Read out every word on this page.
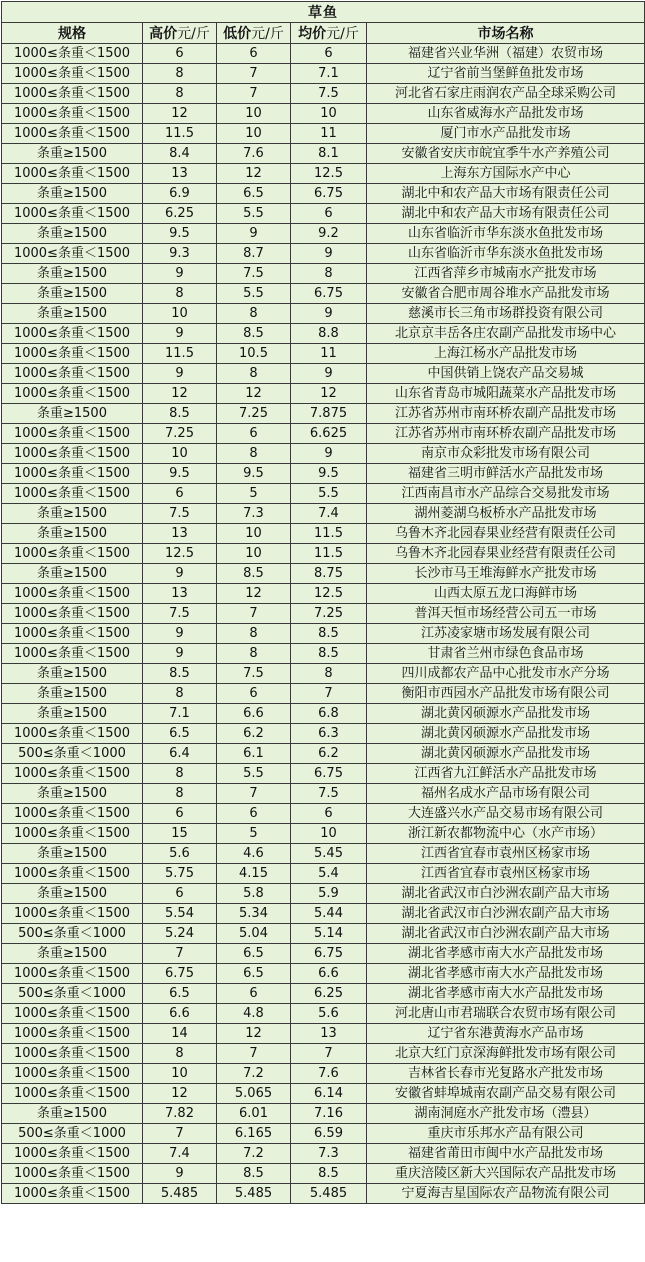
草鱼				
规格	高价元/斤	低价元/斤	均价元/斤	市场名称
1000≤条重＜1500	6	6	6	福建省兴业华洲（福建）农贸市场
1000≤条重＜1500	8	7	7.1	辽宁省前当堡鲜鱼批发市场
1000≤条重＜1500	8	7	7.5	河北省石家庄雨润农产品全球采购公司
1000≤条重＜1500	12	10	10	山东省威海水产品批发市场
1000≤条重＜1500	11.5	10	11	厦门市水产品批发市场
条重≥1500	8.4	7.6	8.1	安徽省安庆市皖宜季牛水产养殖公司
1000≤条重＜1500	13	12	12.5	上海东方国际水产中心
条重≥1500	6.9	6.5	6.75	湖北中和农产品大市场有限责任公司
1000≤条重＜1500	6.25	5.5	6	湖北中和农产品大市场有限责任公司
条重≥1500	9.5	9	9.2	山东省临沂市华东淡水鱼批发市场
1000≤条重＜1500	9.3	8.7	9	山东省临沂市华东淡水鱼批发市场
条重≥1500	9	7.5	8	江西省萍乡市城南水产批发市场
条重≥1500	8	5.5	6.75	安徽省合肥市周谷堆水产品批发市场
条重≥1500	10	8	9	慈溪市长三角市场群投资有限公司
1000≤条重＜1500	9	8.5	8.8	北京京丰岳各庄农副产品批发市场中心
1000≤条重＜1500	11.5	10.5	11	上海江杨水产品批发市场
1000≤条重＜1500	9	8	9	中国供销上饶农产品交易城
1000≤条重＜1500	12	12	12	山东省青岛市城阳蔬菜水产品批发市场
条重≥1500	8.5	7.25	7.875	江苏省苏州市南环桥农副产品批发市场
1000≤条重＜1500	7.25	6	6.625	江苏省苏州市南环桥农副产品批发市场
1000≤条重＜1500	10	8	9	南京市众彩批发市场有限公司
1000≤条重＜1500	9.5	9.5	9.5	福建省三明市鲜活水产品批发市场
1000≤条重＜1500	6	5	5.5	江西南昌市水产品综合交易批发市场
条重≥1500	7.5	7.3	7.4	湖州菱湖乌板桥水产品批发市场
条重≥1500	13	10	11.5	乌鲁木齐北园春果业经营有限责任公司
1000≤条重＜1500	12.5	10	11.5	乌鲁木齐北园春果业经营有限责任公司
条重≥1500	9	8.5	8.75	长沙市马王堆海鲜水产批发市场
1000≤条重＜1500	13	12	12.5	山西太原五龙口海鲜市场
1000≤条重＜1500	7.5	7	7.25	普洱天恒市场经营公司五一市场
1000≤条重＜1500	9	8	8.5	江苏凌家塘市场发展有限公司
1000≤条重＜1500	9	8	8.5	甘肃省兰州市绿色食品市场
条重≥1500	8.5	7.5	8	四川成都农产品中心批发市水产分场
条重≥1500	8	6	7	衡阳市西园水产品批发市场有限公司
条重≥1500	7.1	6.6	6.8	湖北黄冈硕源水产品批发市场
1000≤条重＜1500	6.5	6.2	6.3	湖北黄冈硕源水产品批发市场
500≤条重＜1000	6.4	6.1	6.2	湖北黄冈硕源水产品批发市场
1000≤条重＜1500	8	5.5	6.75	江西省九江鲜活水产品批发市场
条重≥1500	8	7	7.5	福州名成水产品市场有限公司
1000≤条重＜1500	6	6	6	大连盛兴水产品交易市场有限公司
1000≤条重＜1500	15	5	10	浙江新农都物流中心（水产市场）
条重≥1500	5.6	4.6	5.45	江西省宜春市袁州区杨家市场
1000≤条重＜1500	5.75	4.15	5.4	江西省宜春市袁州区杨家市场
条重≥1500	6	5.8	5.9	湖北省武汉市白沙洲农副产品大市场
1000≤条重＜1500	5.54	5.34	5.44	湖北省武汉市白沙洲农副产品大市场
500≤条重＜1000	5.24	5.04	5.14	湖北省武汉市白沙洲农副产品大市场
条重≥1500	7	6.5	6.75	湖北省孝感市南大水产品批发市场
1000≤条重＜1500	6.75	6.5	6.6	湖北省孝感市南大水产品批发市场
500≤条重＜1000	6.5	6	6.25	湖北省孝感市南大水产品批发市场
1000≤条重＜1500	6.6	4.8	5.6	河北唐山市君瑞联合农贸市场有限公司
1000≤条重＜1500	14	12	13	辽宁省东港黄海水产品市场
1000≤条重＜1500	8	7	7	北京大红门京深海鲜批发市场有限公司
1000≤条重＜1500	10	7.2	7.6	吉林省长春市光复路水产批发市场
1000≤条重＜1500	12	5.065	6.14	安徽省蚌埠城南农副产品交易有限公司
条重≥1500	7.82	6.01	7.16	湖南洞庭水产批发市场（澧县）
500≤条重＜1000	7	6.165	6.59	重庆市乐邦水产品有限公司
1000≤条重＜1500	7.4	7.2	7.3	福建省莆田市闽中水产品批发市场
1000≤条重＜1500	9	8.5	8.5	重庆涪陵区新大兴国际农产品批发市场
1000≤条重＜1500	5.485	5.485	5.485	宁夏海吉星国际农产品物流有限公司
